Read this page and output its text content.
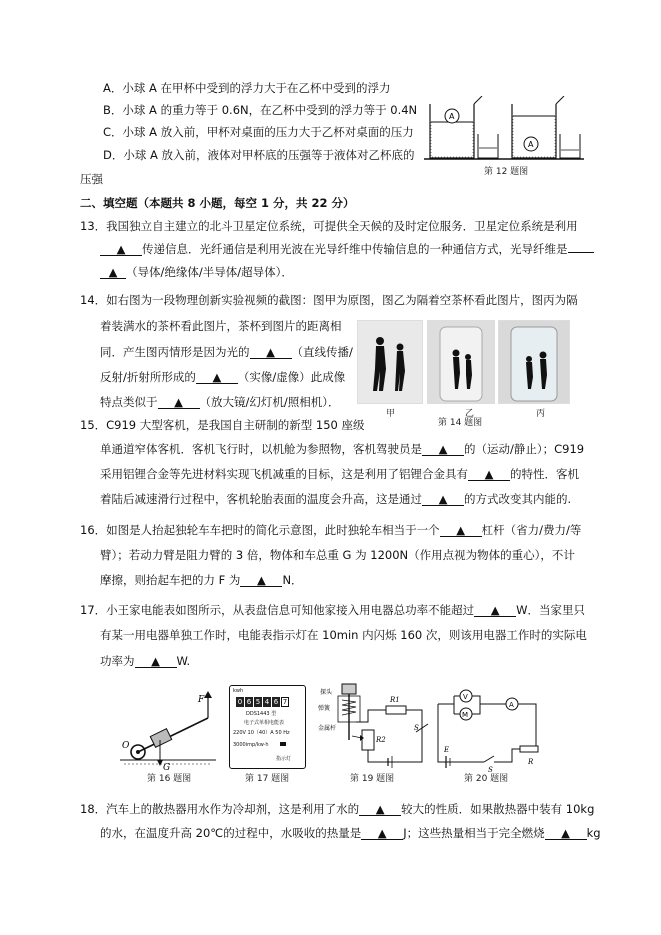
A．小球 A 在甲杯中受到的浮力大于在乙杯中受到的浮力
B．小球 A 的重力等于 0.6N，在乙杯中受到的浮力等于 0.4N
C．小球 A 放入前，甲杯对桌面的压力大于乙杯对桌面的压力
D．小球 A 放入前，液体对甲杯底的压强等于液体对乙杯底的
压强
A
A
第 12 题图
二、填空题（本题共 8 小题，每空 1 分，共 22 分）
13．我国独立自主建立的北斗卫星定位系统，可提供全天候的及时定位服务．卫星定位系统是利用
▲ 传递信息．光纤通信是利用光波在光导纤维中传输信息的一种通信方式，光导纤维是
▲ （导体/绝缘体/半导体/超导体）．
14．如右图为一段物理创新实验视频的截图：图甲为原图，图乙为隔着空茶杯看此图片，图丙为隔
着装满水的茶杯看此图片，茶杯到图片的距离相
同．产生图丙情形是因为光的 ▲ （直线传播/
反射/折射所形成的 ▲ （实像/虚像）此成像
特点类似于 ▲ （放大镜/幻灯机/照相机）．
甲	乙	丙
第 14 题图
15．C919 大型客机，是我国自主研制的新型 150 座级
单通道窄体客机．客机飞行时，以机舱为参照物，客机驾驶员是 ▲ 的（运动/静止）；C919
采用铝锂合金等先进材料实现飞机减重的目标，这是利用了铝锂合金具有 ▲ 的特性．客机
着陆后减速滑行过程中，客机轮胎表面的温度会升高，这是通过 ▲ 的方式改变其内能的.
16．如图是人抬起独轮车车把时的简化示意图，此时独轮车相当于一个 ▲ 杠杆（省力/费力/等
臂）；若动力臂是阻力臂的 3 倍，物体和车总重 G 为 1200N（作用点视为物体的重心），不计
摩擦，则抬起车把的力 F 为 ▲ N．
17．小王家电能表如图所示，从表盘信息可知他家接入用电器总功率不能超过 ▲ W．当家里只
有某一用电器单独工作时，电能表指示灯在 10min 内闪烁 160 次，则该用电器工作时的实际电
功率为 ▲ W.
F
O
G
第 16 题图
kwh
0 6 5 4 6 7
DDS1443 型
电子式单相电能表
220V 10（40）A 50 Hz
3000imp/kw·h
指示灯
第 17 题图
探头
弹簧
金属杆
R1
R2
S
第 19 题图
V
M
A
E
S
R
第 20 题图
18．汽车上的散热器用水作为冷却剂，这是利用了水的 ▲ 较大的性质．如果散热器中装有 10kg
的水，在温度升高 20℃的过程中，水吸收的热量是 ▲ J；这些热量相当于完全燃烧 ▲ kg
